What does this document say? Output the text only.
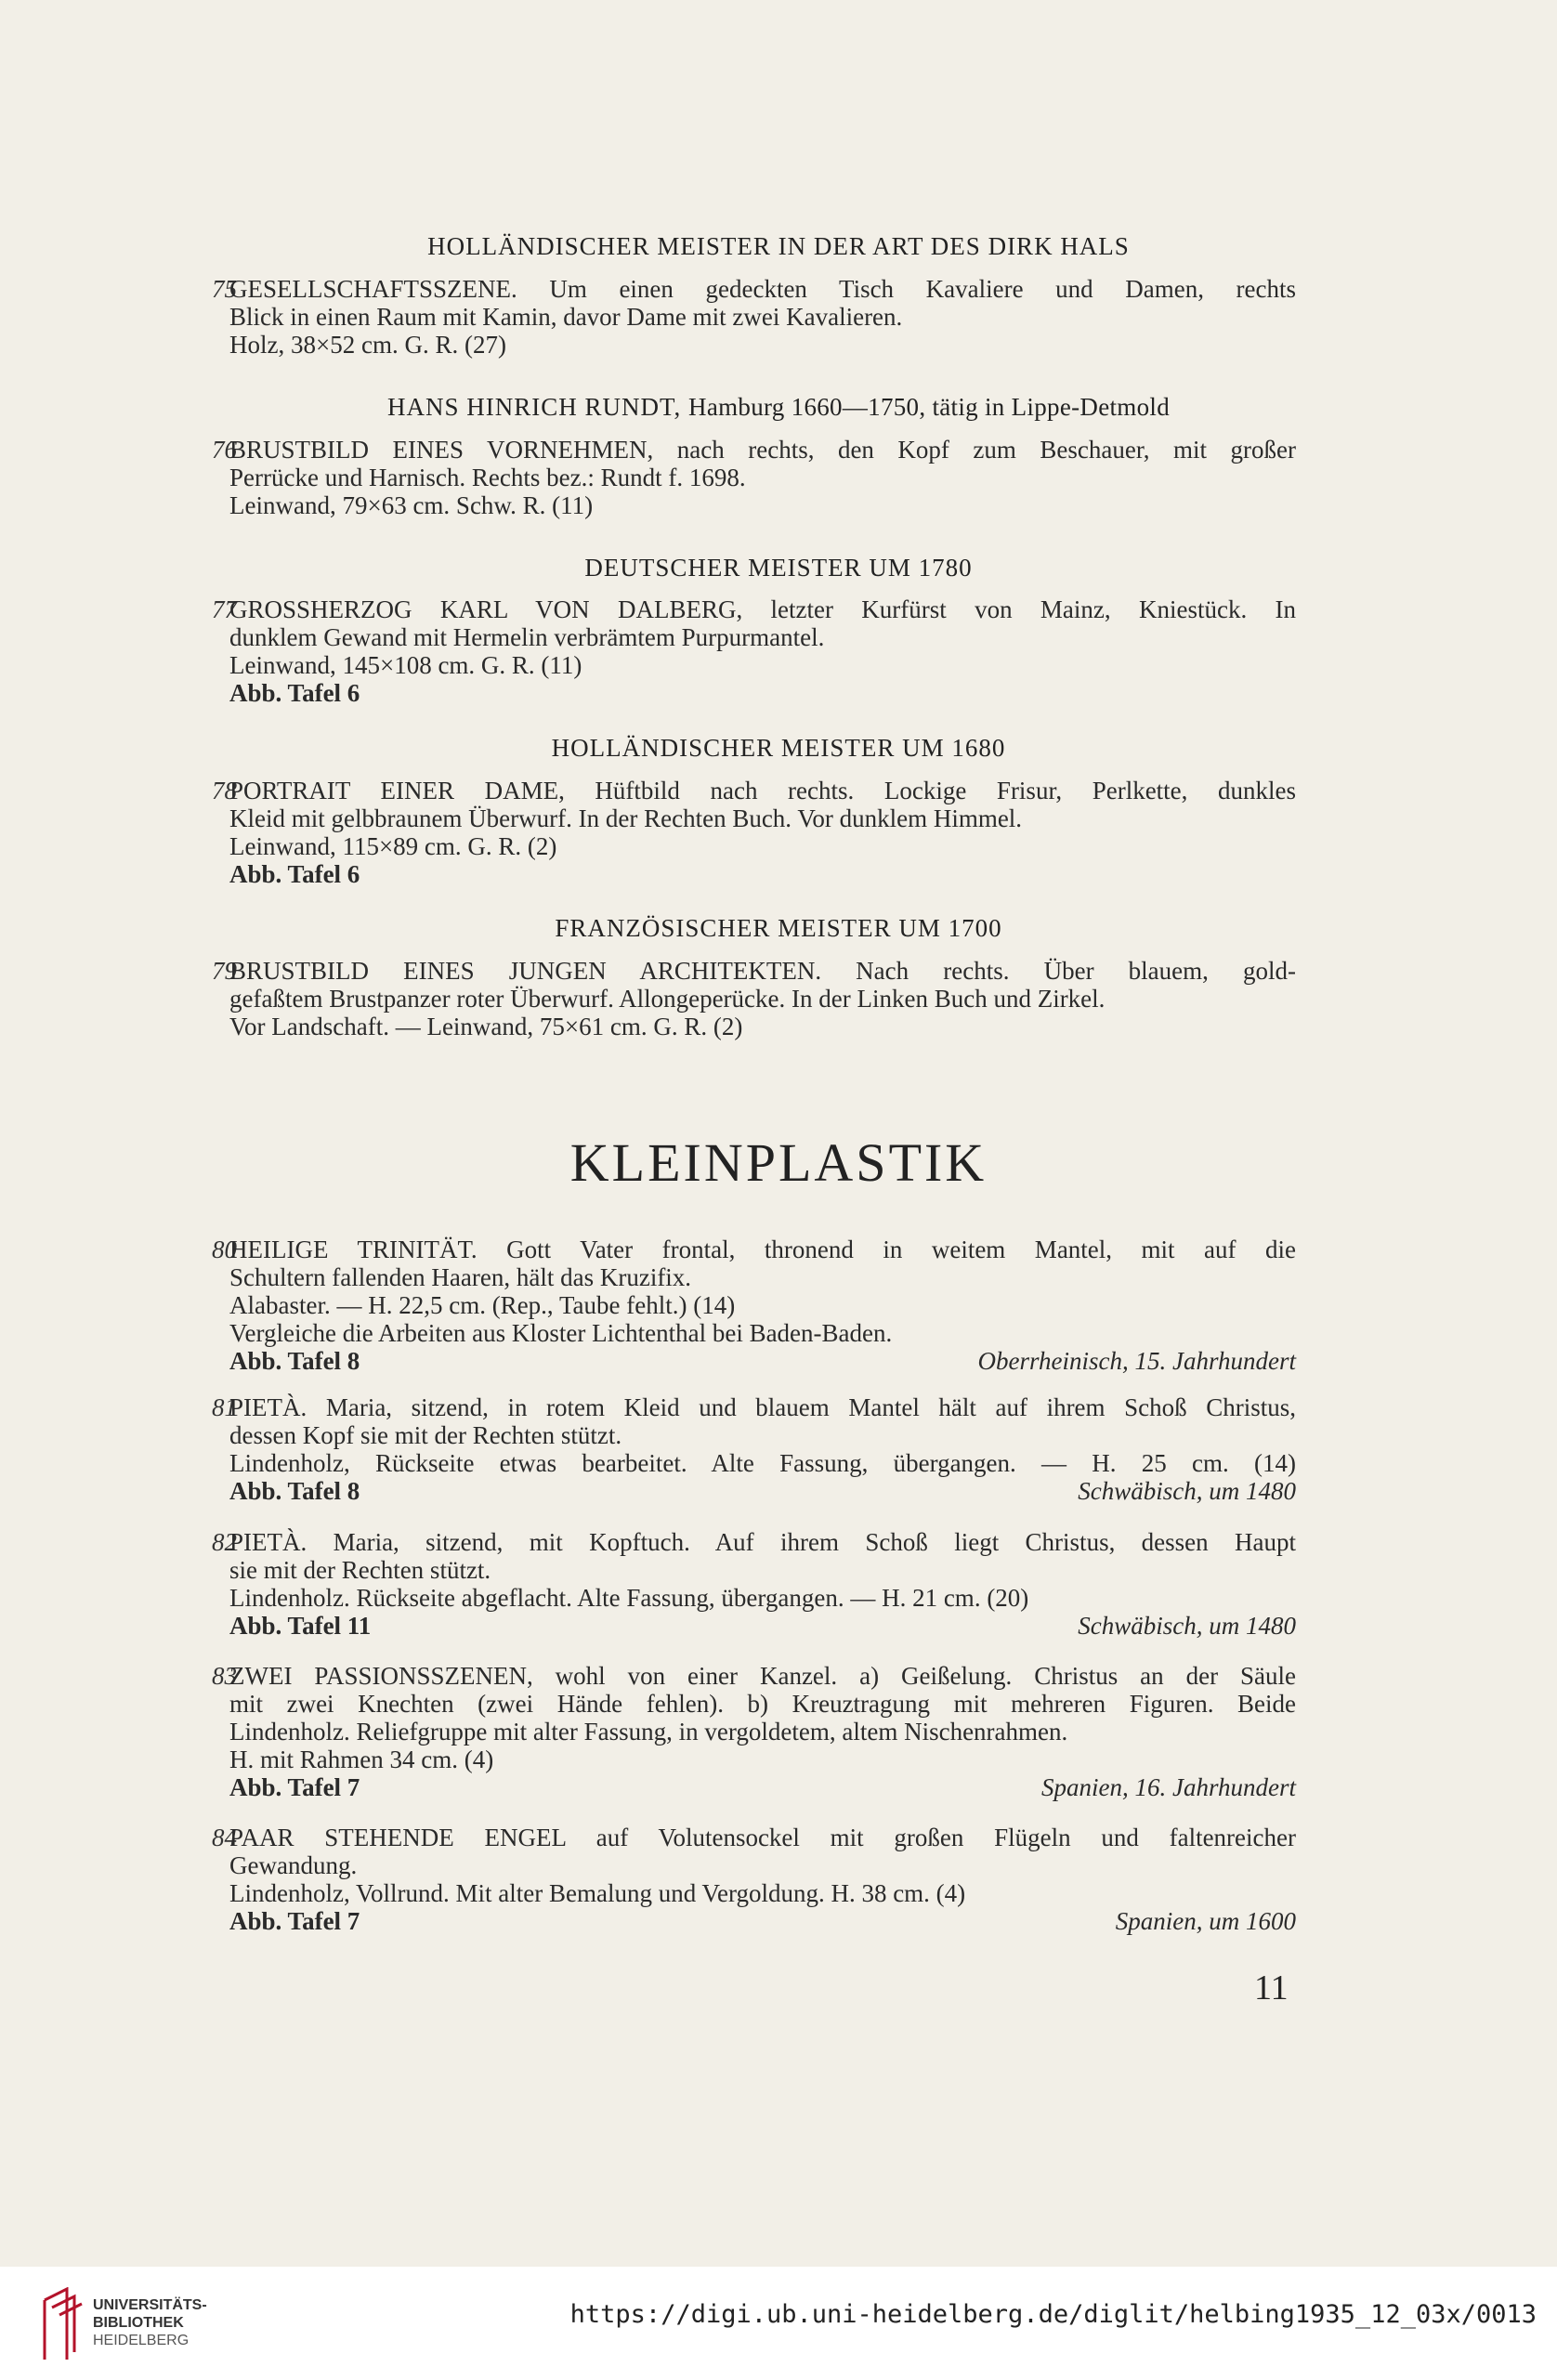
HOLLÄNDISCHER MEISTER IN DER ART DES DIRK HALS
75
GESELLSCHAFTSSZENE. Um einen gedeckten Tisch Kavaliere und Damen, rechts
Blick in einen Raum mit Kamin, davor Dame mit zwei Kavalieren.
Holz, 38×52 cm. G. R. (27)
HANS HINRICH RUNDT, Hamburg 1660—1750, tätig in Lippe-Detmold
76
BRUSTBILD EINES VORNEHMEN, nach rechts, den Kopf zum Beschauer, mit großer
Perrücke und Harnisch. Rechts bez.: Rundt f. 1698.
Leinwand, 79×63 cm. Schw. R. (11)
DEUTSCHER MEISTER UM 1780
77
GROSSHERZOG KARL VON DALBERG, letzter Kurfürst von Mainz, Kniestück. In
dunklem Gewand mit Hermelin verbrämtem Purpurmantel.
Leinwand, 145×108 cm. G. R. (11)
Abb. Tafel 6
HOLLÄNDISCHER MEISTER UM 1680
78
PORTRAIT EINER DAME, Hüftbild nach rechts. Lockige Frisur, Perlkette, dunkles
Kleid mit gelbbraunem Überwurf. In der Rechten Buch. Vor dunklem Himmel.
Leinwand, 115×89 cm. G. R. (2)
Abb. Tafel 6
FRANZÖSISCHER MEISTER UM 1700
79
BRUSTBILD EINES JUNGEN ARCHITEKTEN. Nach rechts. Über blauem, gold-
gefaßtem Brustpanzer roter Überwurf. Allongeperücke. In der Linken Buch und Zirkel.
Vor Landschaft. — Leinwand, 75×61 cm. G. R. (2)
KLEINPLASTIK
80
HEILIGE TRINITÄT. Gott Vater frontal, thronend in weitem Mantel, mit auf die
Schultern fallenden Haaren, hält das Kruzifix.
Alabaster. — H. 22,5 cm. (Rep., Taube fehlt.) (14)
Vergleiche die Arbeiten aus Kloster Lichtenthal bei Baden-Baden.
Abb. Tafel 8	Oberrheinisch, 15. Jahrhundert
81
PIETÀ. Maria, sitzend, in rotem Kleid und blauem Mantel hält auf ihrem Schoß Christus,
dessen Kopf sie mit der Rechten stützt.
Lindenholz, Rückseite etwas bearbeitet. Alte Fassung, übergangen. — H. 25 cm. (14)
Abb. Tafel 8	Schwäbisch, um 1480
82
PIETÀ. Maria, sitzend, mit Kopftuch. Auf ihrem Schoß liegt Christus, dessen Haupt
sie mit der Rechten stützt.
Lindenholz. Rückseite abgeflacht. Alte Fassung, übergangen. — H. 21 cm. (20)
Abb. Tafel 11	Schwäbisch, um 1480
83
ZWEI PASSIONSSZENEN, wohl von einer Kanzel. a) Geißelung. Christus an der Säule
mit zwei Knechten (zwei Hände fehlen). b) Kreuztragung mit mehreren Figuren. Beide
Lindenholz. Reliefgruppe mit alter Fassung, in vergoldetem, altem Nischenrahmen.
H. mit Rahmen 34 cm. (4)
Abb. Tafel 7	Spanien, 16. Jahrhundert
84
PAAR STEHENDE ENGEL auf Volutensockel mit großen Flügeln und faltenreicher
Gewandung.
Lindenholz, Vollrund. Mit alter Bemalung und Vergoldung. H. 38 cm. (4)
Abb. Tafel 7	Spanien, um 1600
11
UNIVERSITÄTS-
BIBLIOTHEK
HEIDELBERG
https://digi.ub.uni-heidelberg.de/diglit/helbing1935_12_03x/0013
